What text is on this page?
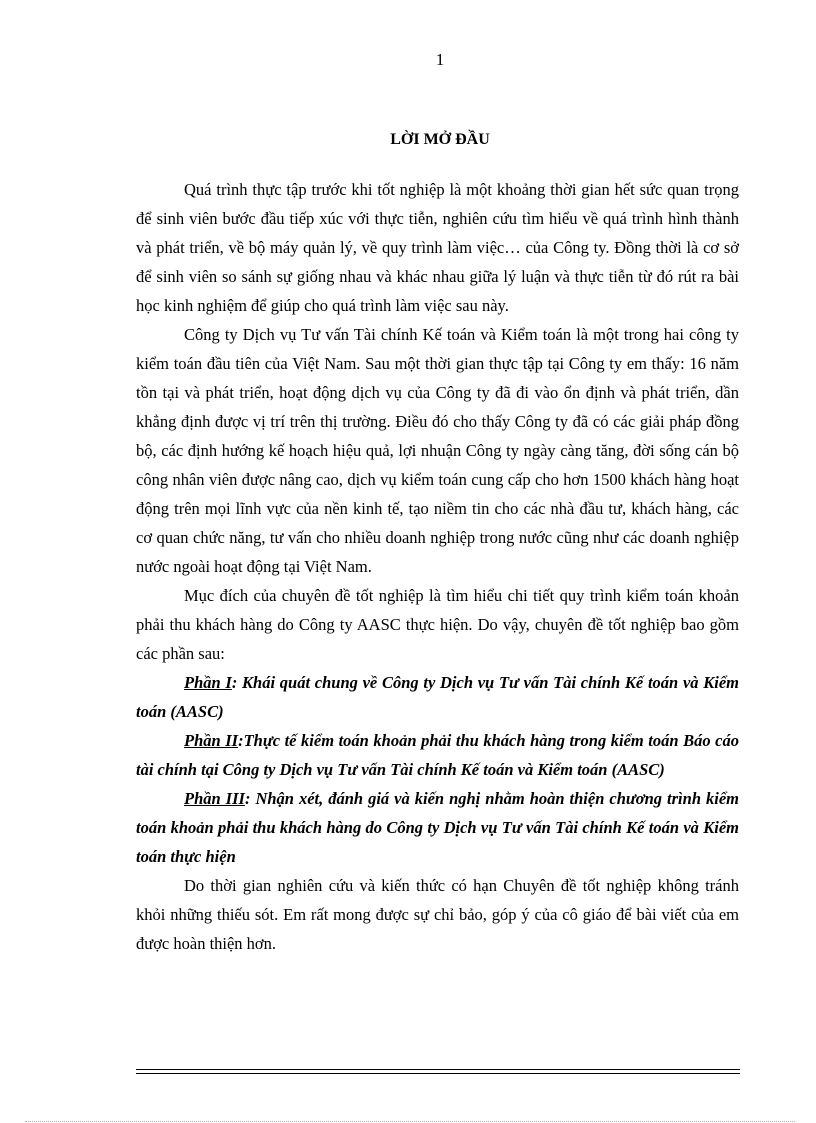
1
LỜI MỞ ĐẦU

Quá trình thực tập trước khi tốt nghiệp là một khoảng thời gian hết sức quan trọng để sinh viên bước đầu tiếp xúc với thực tiễn, nghiên cứu tìm hiểu về quá trình hình thành và phát triển, về bộ máy quản lý, về quy trình làm việc… của Công ty. Đồng thời là cơ sở để sinh viên so sánh sự giống nhau và khác nhau giữa lý luận và thực tiễn từ đó rút ra bài học kinh nghiệm để giúp cho quá trình làm việc sau này.

Công ty Dịch vụ Tư vấn Tài chính Kế toán và Kiểm toán là một trong hai công ty kiểm toán đầu tiên của Việt Nam. Sau một thời gian thực tập tại Công ty em thấy: 16 năm tồn tại và phát triển, hoạt động dịch vụ của Công ty đã đi vào ổn định và phát triển, dần khẳng định được vị trí trên thị trường. Điều đó cho thấy Công ty đã có các giải pháp đồng bộ, các định hướng kế hoạch hiệu quả, lợi nhuận Công ty ngày càng tăng, đời sống cán bộ công nhân viên được nâng cao, dịch vụ kiểm toán cung cấp cho hơn 1500 khách hàng hoạt động trên mọi lĩnh vực của nền kinh tế, tạo niềm tin cho các nhà đầu tư, khách hàng, các cơ quan chức năng, tư vấn cho nhiều doanh nghiệp trong nước cũng như các doanh nghiệp nước ngoài hoạt động tại Việt Nam.

Mục đích của chuyên đề tốt nghiệp là tìm hiểu chi tiết quy trình kiểm toán khoản phải thu khách hàng do Công ty AASC thực hiện. Do vậy, chuyên đề tốt nghiệp bao gồm các phần sau:

Phần I: Khái quát chung về Công ty Dịch vụ Tư vấn Tài chính Kế toán và Kiểm toán (AASC)

Phần II:Thực tế kiểm toán khoản phải thu khách hàng trong kiểm toán Báo cáo tài chính tại Công ty Dịch vụ Tư vấn Tài chính Kế toán và Kiểm toán (AASC)

Phần III: Nhận xét, đánh giá và kiến nghị nhằm hoàn thiện chương trình kiểm toán khoản phải thu khách hàng do Công ty Dịch vụ Tư vấn Tài chính Kế toán và Kiểm toán thực hiện

Do thời gian nghiên cứu và kiến thức có hạn Chuyên đề tốt nghiệp không tránh khỏi những thiếu sót. Em rất mong được sự chỉ bảo, góp ý của cô giáo để bài viết của em được hoàn thiện hơn.
